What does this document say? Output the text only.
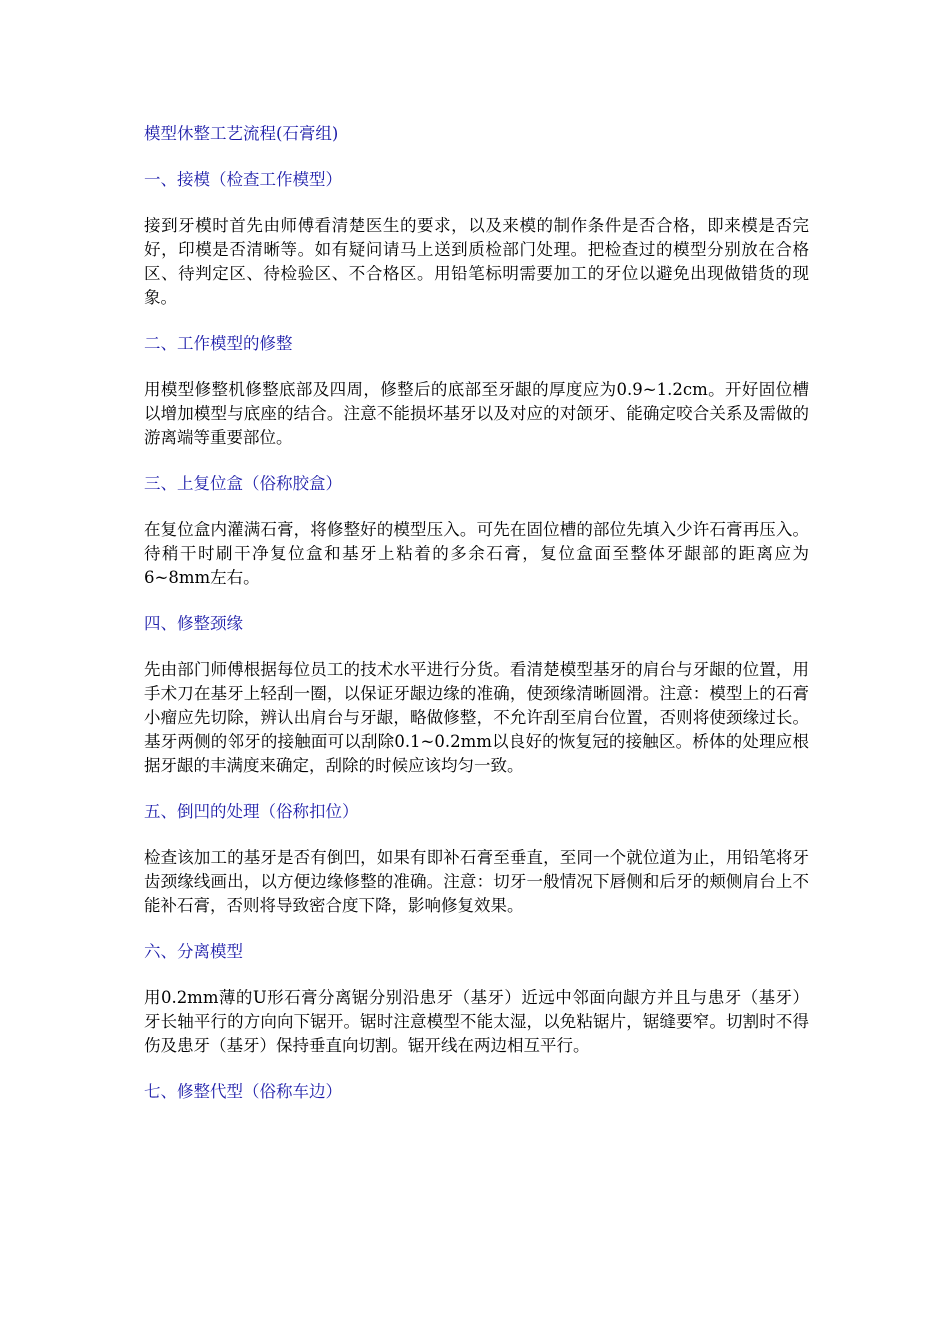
模型休整工艺流程(石膏组)

一、接模（检查工作模型）

接到牙模时首先由师傅看清楚医生的要求，以及来模的制作条件是否合格，即来模是否完好，印模是否清晰等。如有疑问请马上送到质检部门处理。把检查过的模型分别放在合格区、待判定区、待检验区、不合格区。用铅笔标明需要加工的牙位以避免出现做错货的现象。

二、工作模型的修整

用模型修整机修整底部及四周，修整后的底部至牙龈的厚度应为0.9~1.2cm。开好固位槽以增加模型与底座的结合。注意不能损坏基牙以及对应的对颌牙、能确定咬合关系及需做的游离端等重要部位。

三、上复位盒（俗称胶盒）

在复位盒内灌满石膏，将修整好的模型压入。可先在固位槽的部位先填入少许石膏再压入。待稍干时刷干净复位盒和基牙上粘着的多余石膏，复位盒面至整体牙龈部的距离应为6~8mm左右。

四、修整颈缘

先由部门师傅根据每位员工的技术水平进行分货。看清楚模型基牙的肩台与牙龈的位置，用手术刀在基牙上轻刮一圈，以保证牙龈边缘的准确，使颈缘清晰圆滑。注意：模型上的石膏小瘤应先切除，辨认出肩台与牙龈，略做修整，不允许刮至肩台位置，否则将使颈缘过长。基牙两侧的邻牙的接触面可以刮除0.1~0.2mm以良好的恢复冠的接触区。桥体的处理应根据牙龈的丰满度来确定，刮除的时候应该均匀一致。

五、倒凹的处理（俗称扣位）

检查该加工的基牙是否有倒凹，如果有即补石膏至垂直，至同一个就位道为止，用铅笔将牙齿颈缘线画出，以方便边缘修整的准确。注意：切牙一般情况下唇侧和后牙的颊侧肩台上不能补石膏，否则将导致密合度下降，影响修复效果。

六、分离模型

用0.2mm薄的U形石膏分离锯分别沿患牙（基牙）近远中邻面向龈方并且与患牙（基牙）牙长轴平行的方向向下锯开。锯时注意模型不能太湿，以免粘锯片，锯缝要窄。切割时不得伤及患牙（基牙）保持垂直向切割。锯开线在两边相互平行。

七、修整代型（俗称车边）
